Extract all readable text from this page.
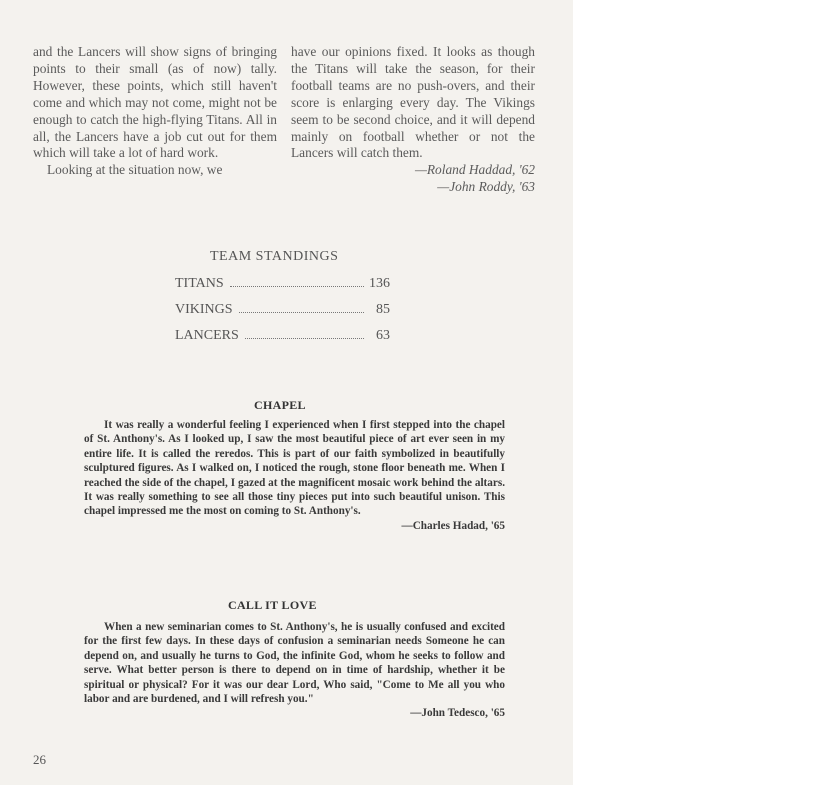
and the Lancers will show signs of bringing points to their small (as of now) tally. However, these points, which still haven't come and which may not come, might not be enough to catch the high-flying Titans. All in all, the Lancers have a job cut out for them which will take a lot of hard work.

Looking at the situation now, we

have our opinions fixed. It looks as though the Titans will take the season, for their football teams are no push-overs, and their score is enlarging every day. The Vikings seem to be second choice, and it will depend mainly on football whether or not the Lancers will catch them.

—Roland Haddad, '62

—John Roddy, '63

TEAM STANDINGS
TITANS	136
VIKINGS	85
LANCERS	63
CHAPEL

It was really a wonderful feeling I experienced when I first stepped into the chapel of St. Anthony's. As I looked up, I saw the most beautiful piece of art ever seen in my entire life. It is called the reredos. This is part of our faith symbolized in beautifully sculptured figures. As I walked on, I noticed the rough, stone floor beneath me. When I reached the side of the chapel, I gazed at the magnificent mosaic work behind the altars. It was really something to see all those tiny pieces put into such beautiful unison. This chapel impressed me the most on coming to St. Anthony's.

—Charles Hadad, '65

CALL IT LOVE

When a new seminarian comes to St. Anthony's, he is usually confused and excited for the first few days. In these days of confusion a seminarian needs Someone he can depend on, and usually he turns to God, the infinite God, whom he seeks to follow and serve. What better person is there to depend on in time of hardship, whether it be spiritual or physical? For it was our dear Lord, Who said, "Come to Me all you who labor and are burdened, and I will refresh you."

—John Tedesco, '65

26
